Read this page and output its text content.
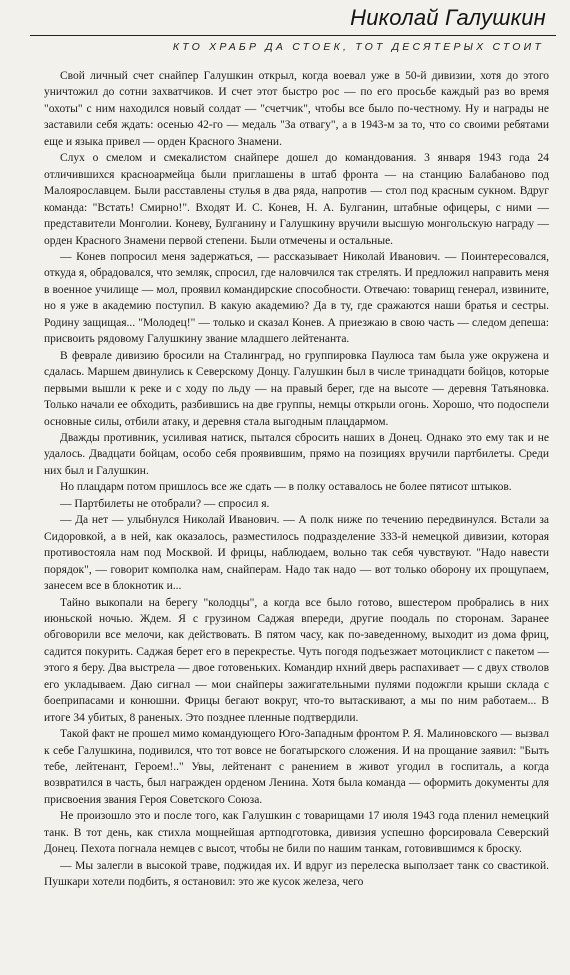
Николай Галушкин
КТО ХРАБР ДА СТОЕК, ТОТ ДЕСЯТЕРЫХ СТОИТ

Свой личный счет снайпер Галушкин открыл, когда воевал уже в 50-й дивизии, хотя до этого уничтожил до сотни захватчиков. И счет этот быстро рос — по его просьбе каждый раз во время "охоты" с ним находился новый солдат — "счетчик", чтобы все было по-честному. Ну и награды не заставили себя ждать: осенью 42-го — медаль "За отвагу", а в 1943-м за то, что со своими ребятами еще и языка привел — орден Красного Знамени.

Слух о смелом и смекалистом снайпере дошел до командования. 3 января 1943 года 24 отличившихся красноармейца были приглашены в штаб фронта — на станцию Балабаново под Малоярославцем. Были расставлены стулья в два ряда, напротив — стол под красным сукном. Вдруг команда: "Встать! Смирно!". Входят И. С. Конев, Н. А. Булганин, штабные офицеры, с ними — представители Монголии. Коневу, Булганину и Галушкину вручили высшую монгольскую награду — орден Красного Знамени первой степени. Были отмечены и остальные.

— Конев попросил меня задержаться, — рассказывает Николай Иванович. — Поинтересовался, откуда я, обрадовался, что земляк, спросил, где наловчился так стрелять. И предложил направить меня в военное училище — мол, проявил командирские способности. Отвечаю: товарищ генерал, извините, но я уже в академию поступил. В какую академию? Да в ту, где сражаются наши братья и сестры. Родину защищая... "Молодец!" — только и сказал Конев. А приезжаю в свою часть — следом депеша: присвоить рядовому Галушкину звание младшего лейтенанта.

В феврале дивизию бросили на Сталинград, но группировка Паулюса там была уже окружена и сдалась. Маршем двинулись к Северскому Донцу. Галушкин был в числе тринадцати бойцов, которые первыми вышли к реке и с ходу по льду — на правый берег, где на высоте — деревня Татьяновка. Только начали ее обходить, разбившись на две группы, немцы открыли огонь. Хорошо, что подоспели основные силы, отбили атаку, и деревня стала выгодным плацдармом.

Дважды противник, усиливая натиск, пытался сбросить наших в Донец. Однако это ему так и не удалось. Двадцати бойцам, особо себя проявившим, прямо на позициях вручили партбилеты. Среди них был и Галушкин.

Но плацдарм потом пришлось все же сдать — в полку оставалось не более пятисот штыков.

— Партбилеты не отобрали? — спросил я.

— Да нет — улыбнулся Николай Иванович. — А полк ниже по течению передвинулся. Встали за Сидоровкой, а в ней, как оказалось, разместилось подразделение 333-й немецкой дивизии, которая противостояла нам под Москвой. И фрицы, наблюдаем, вольно так себя чувствуют. "Надо навести порядок", — говорит комполка нам, снайперам. Надо так надо — вот только оборону их прощупаем, занесем все в блокнотик и...

Тайно выкопали на берегу "колодцы", а когда все было готово, вшестером пробрались в них июньской ночью. Ждем. Я с грузином Саджая впереди, другие поодаль по сторонам. Заранее обговорили все мелочи, как действовать. В пятом часу, как по-заведенному, выходит из дома фриц, садится покурить. Саджая берет его в перекрестье. Чуть погодя подъезжает мотоциклист с пакетом — этого я беру. Два выстрела — двое готовеньких. Командир нхний дверь распахивает — с двух стволов его укладываем. Даю сигнал — мои снайперы зажигательными пулями подожгли крыши склада с боеприпасами и конюшни. Фрицы бегают вокруг, что-то вытаскивают, а мы по ним работаем... В итоге 34 убитых, 8 раненых. Это позднее пленные подтвердили.

Такой факт не прошел мимо командующего Юго-Западным фронтом Р. Я. Малиновского — вызвал к себе Галушкина, подивился, что тот вовсе не богатырского сложения. И на прощание заявил: "Быть тебе, лейтенант, Героем!.." Увы, лейтенант с ранением в живот угодил в госпиталь, а когда возвратился в часть, был награжден орденом Ленина. Хотя была команда — оформить документы для присвоения звания Героя Советского Союза.

Не произошло это и после того, как Галушкин с товарищами 17 июля 1943 года пленил немецкий танк. В тот день, как стихла мощнейшая артподготовка, дивизия успешно форсировала Северский Донец. Пехота погнала немцев с высот, чтобы не били по нашим танкам, готовившимся к броску.

— Мы залегли в высокой траве, поджидая их. И вдруг из перелеска выползает танк со свастикой. Пушкари хотели подбить, я остановил: это же кусок железа, чего
